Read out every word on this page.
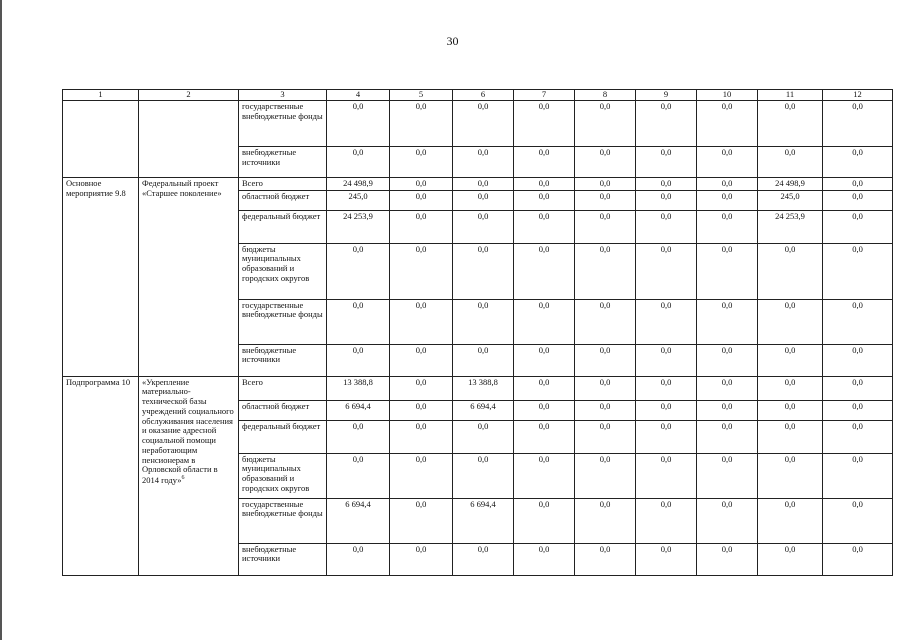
30
1	2	3	4	5	6	7	8	9	10	11	12
		государственные внебюджетные фонды	0,0	0,0	0,0	0,0	0,0	0,0	0,0	0,0	0,0
		внебюджетные источники	0,0	0,0	0,0	0,0	0,0	0,0	0,0	0,0	0,0
Основное мероприятие 9.8	Федеральный проект «Старшее поколение»	Всего	24 498,9	0,0	0,0	0,0	0,0	0,0	0,0	24 498,9	0,0
		областной бюджет	245,0	0,0	0,0	0,0	0,0	0,0	0,0	245,0	0,0
		федеральный бюджет	24 253,9	0,0	0,0	0,0	0,0	0,0	0,0	24 253,9	0,0
		бюджеты муниципальных образований и городских округов	0,0	0,0	0,0	0,0	0,0	0,0	0,0	0,0	0,0
		государственные внебюджетные фонды	0,0	0,0	0,0	0,0	0,0	0,0	0,0	0,0	0,0
		внебюджетные источники	0,0	0,0	0,0	0,0	0,0	0,0	0,0	0,0	0,0
Подпрограмма 10	«Укрепление материально-технической базы учреждений социального обслуживания населения и оказание адресной социальной помощи неработающим пенсионерам в Орловской области в 2014 году»$^6$	Всего	13 388,8	0,0	13 388,8	0,0	0,0	0,0	0,0	0,0	0,0
		областной бюджет	6 694,4	0,0	6 694,4	0,0	0,0	0,0	0,0	0,0	0,0
		федеральный бюджет	0,0	0,0	0,0	0,0	0,0	0,0	0,0	0,0	0,0
		бюджеты муниципальных образований и городских округов	0,0	0,0	0,0	0,0	0,0	0,0	0,0	0,0	0,0
		государственные внебюджетные фонды	6 694,4	0,0	6 694,4	0,0	0,0	0,0	0,0	0,0	0,0
		внебюджетные источники	0,0	0,0	0,0	0,0	0,0	0,0	0,0	0,0	0,0
